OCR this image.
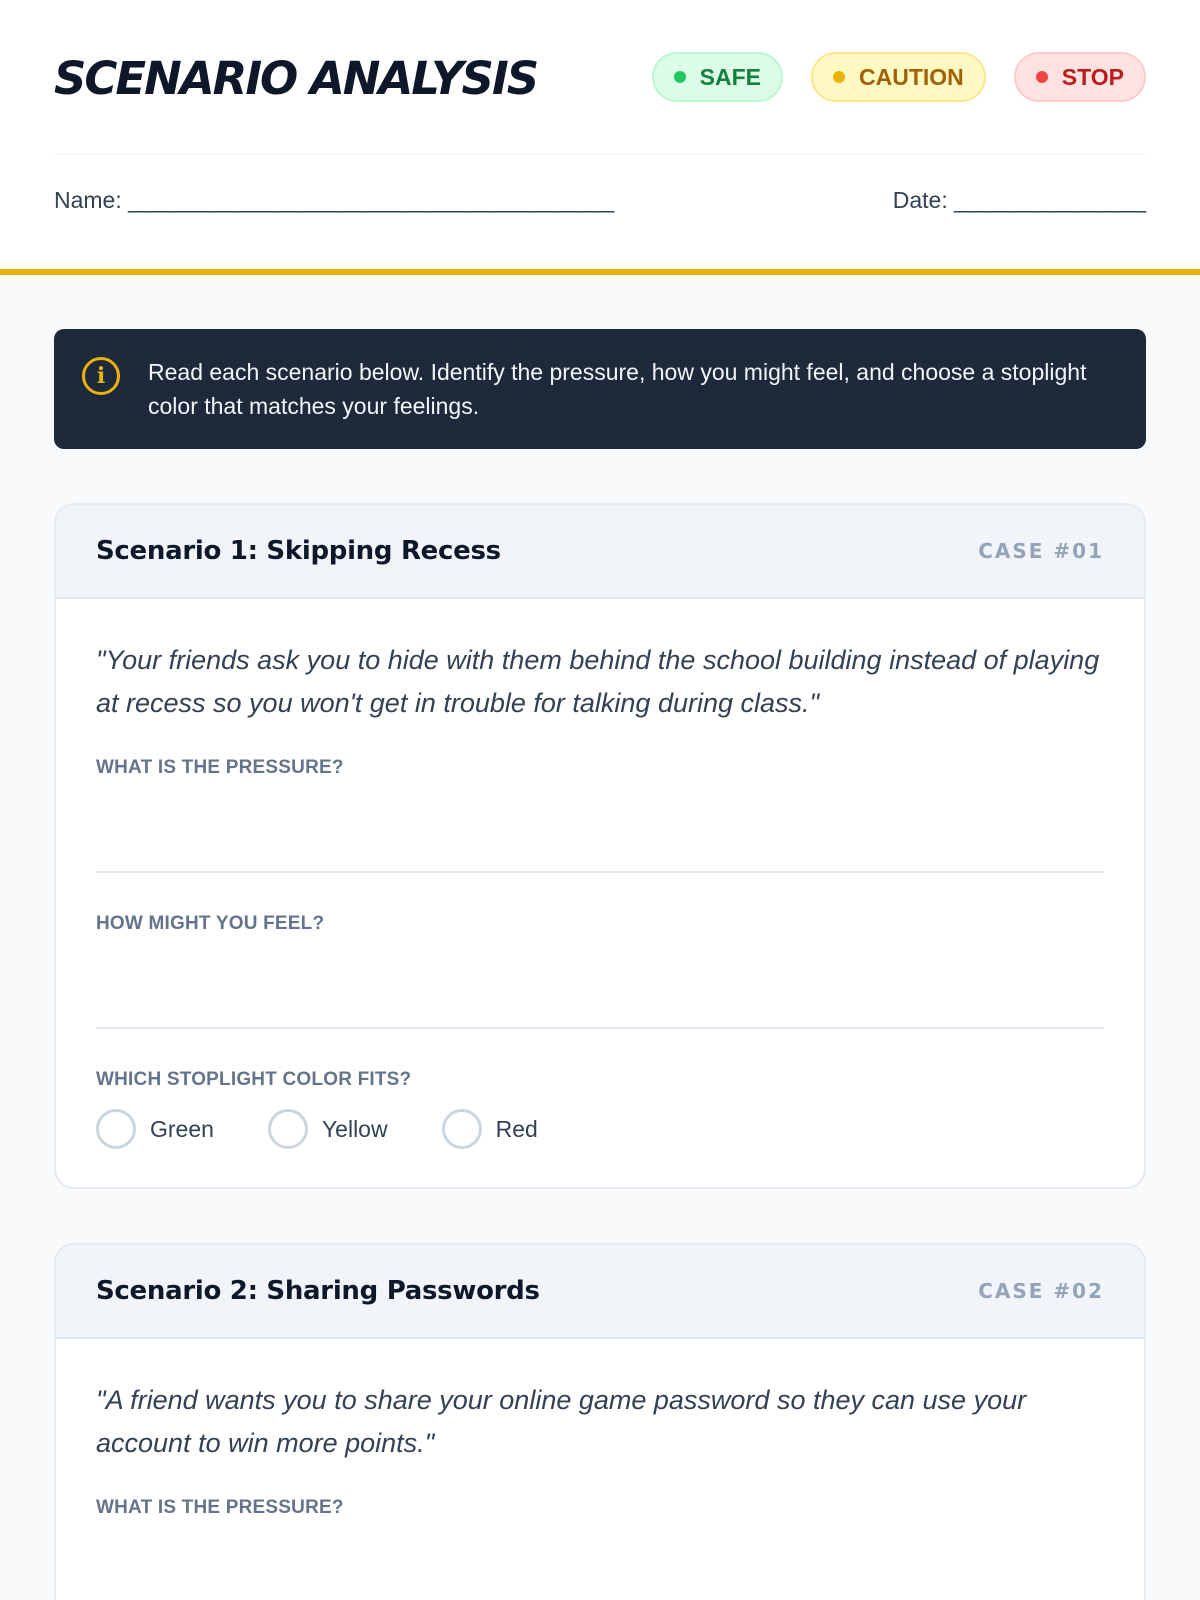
SCENARIO ANALYSIS	SAFE	CAUTION	STOP
Name: ______________________________________	Date: _______________
i	Read each scenario below. Identify the pressure, how you might feel, and choose a stoplight color that matches your feelings.

Scenario 1: Skipping Recess	CASE #01

"Your friends ask you to hide with them behind the school building instead of playing at recess so you won't get in trouble for talking during class."

WHAT IS THE PRESSURE?
HOW MIGHT YOU FEEL?
WHICH STOPLIGHT COLOR FITS?
Green	Yellow	Red
Scenario 2: Sharing Passwords	CASE #02

"A friend wants you to share your online game password so they can use your account to win more points."

WHAT IS THE PRESSURE?
